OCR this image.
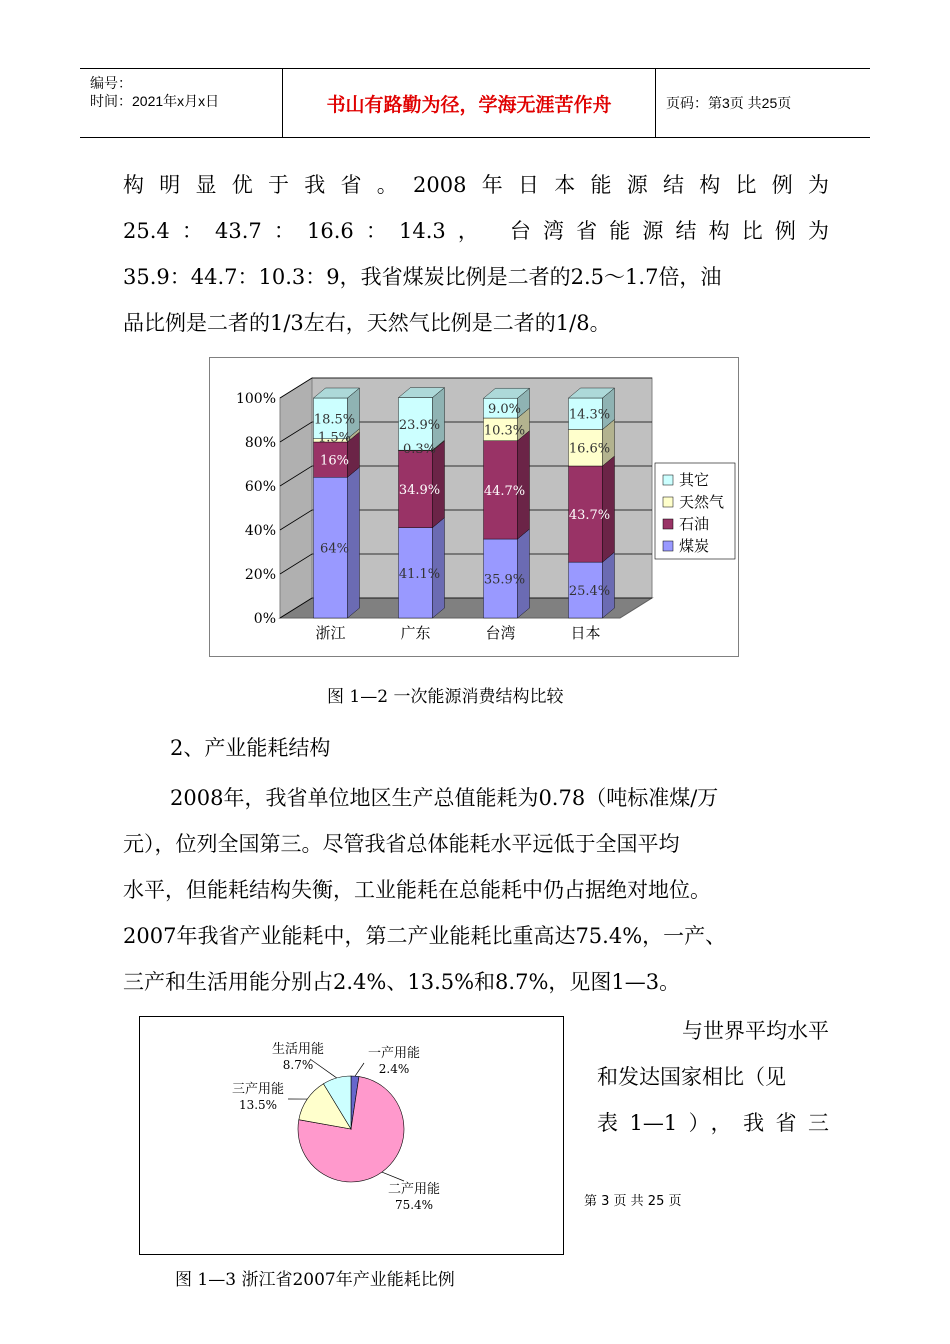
编号：
时间：2021年x月x日	书山有路勤为径，学海无涯苦作舟	页码：第3页 共25页
构明显优于我省。2008年日本能源结构比例为
25.4：43.7：16.6：14.3， 台湾省能源结构比例为
35.9：44.7：10.3：9，我省煤炭比例是二者的2.5～1.7倍，油
品比例是二者的1/3左右，天然气比例是二者的1/8。
0%
20%
40%
60%
80%
100%
64%
16%
1.5%
18.5%
浙江
41.1%
34.9%
0.3%
23.9%
广东
35.9%
44.7%
10.3%
9.0%
台湾
25.4%
43.7%
16.6%
14.3%
日本
其它
天然气
石油
煤炭
图 1—2 一次能源消费结构比较
2、产业能耗结构
2008年，我省单位地区生产总值能耗为0.78（吨标准煤/万
元），位列全国第三。尽管我省总体能耗水平远低于全国平均
水平，但能耗结构失衡，工业能耗在总能耗中仍占据绝对地位。
2007年我省产业能耗中，第二产业能耗比重高达75.4%，一产、
三产和生活用能分别占2.4%、13.5%和8.7%，见图1—3。
一产用能
2.4%
二产用能
75.4%
三产用能
13.5%
生活用能
8.7%
图 1—3 浙江省2007年产业能耗比例
与世界平均水平
和发达国家相比（见
表1—1），我省三
第 3 页 共 25 页
